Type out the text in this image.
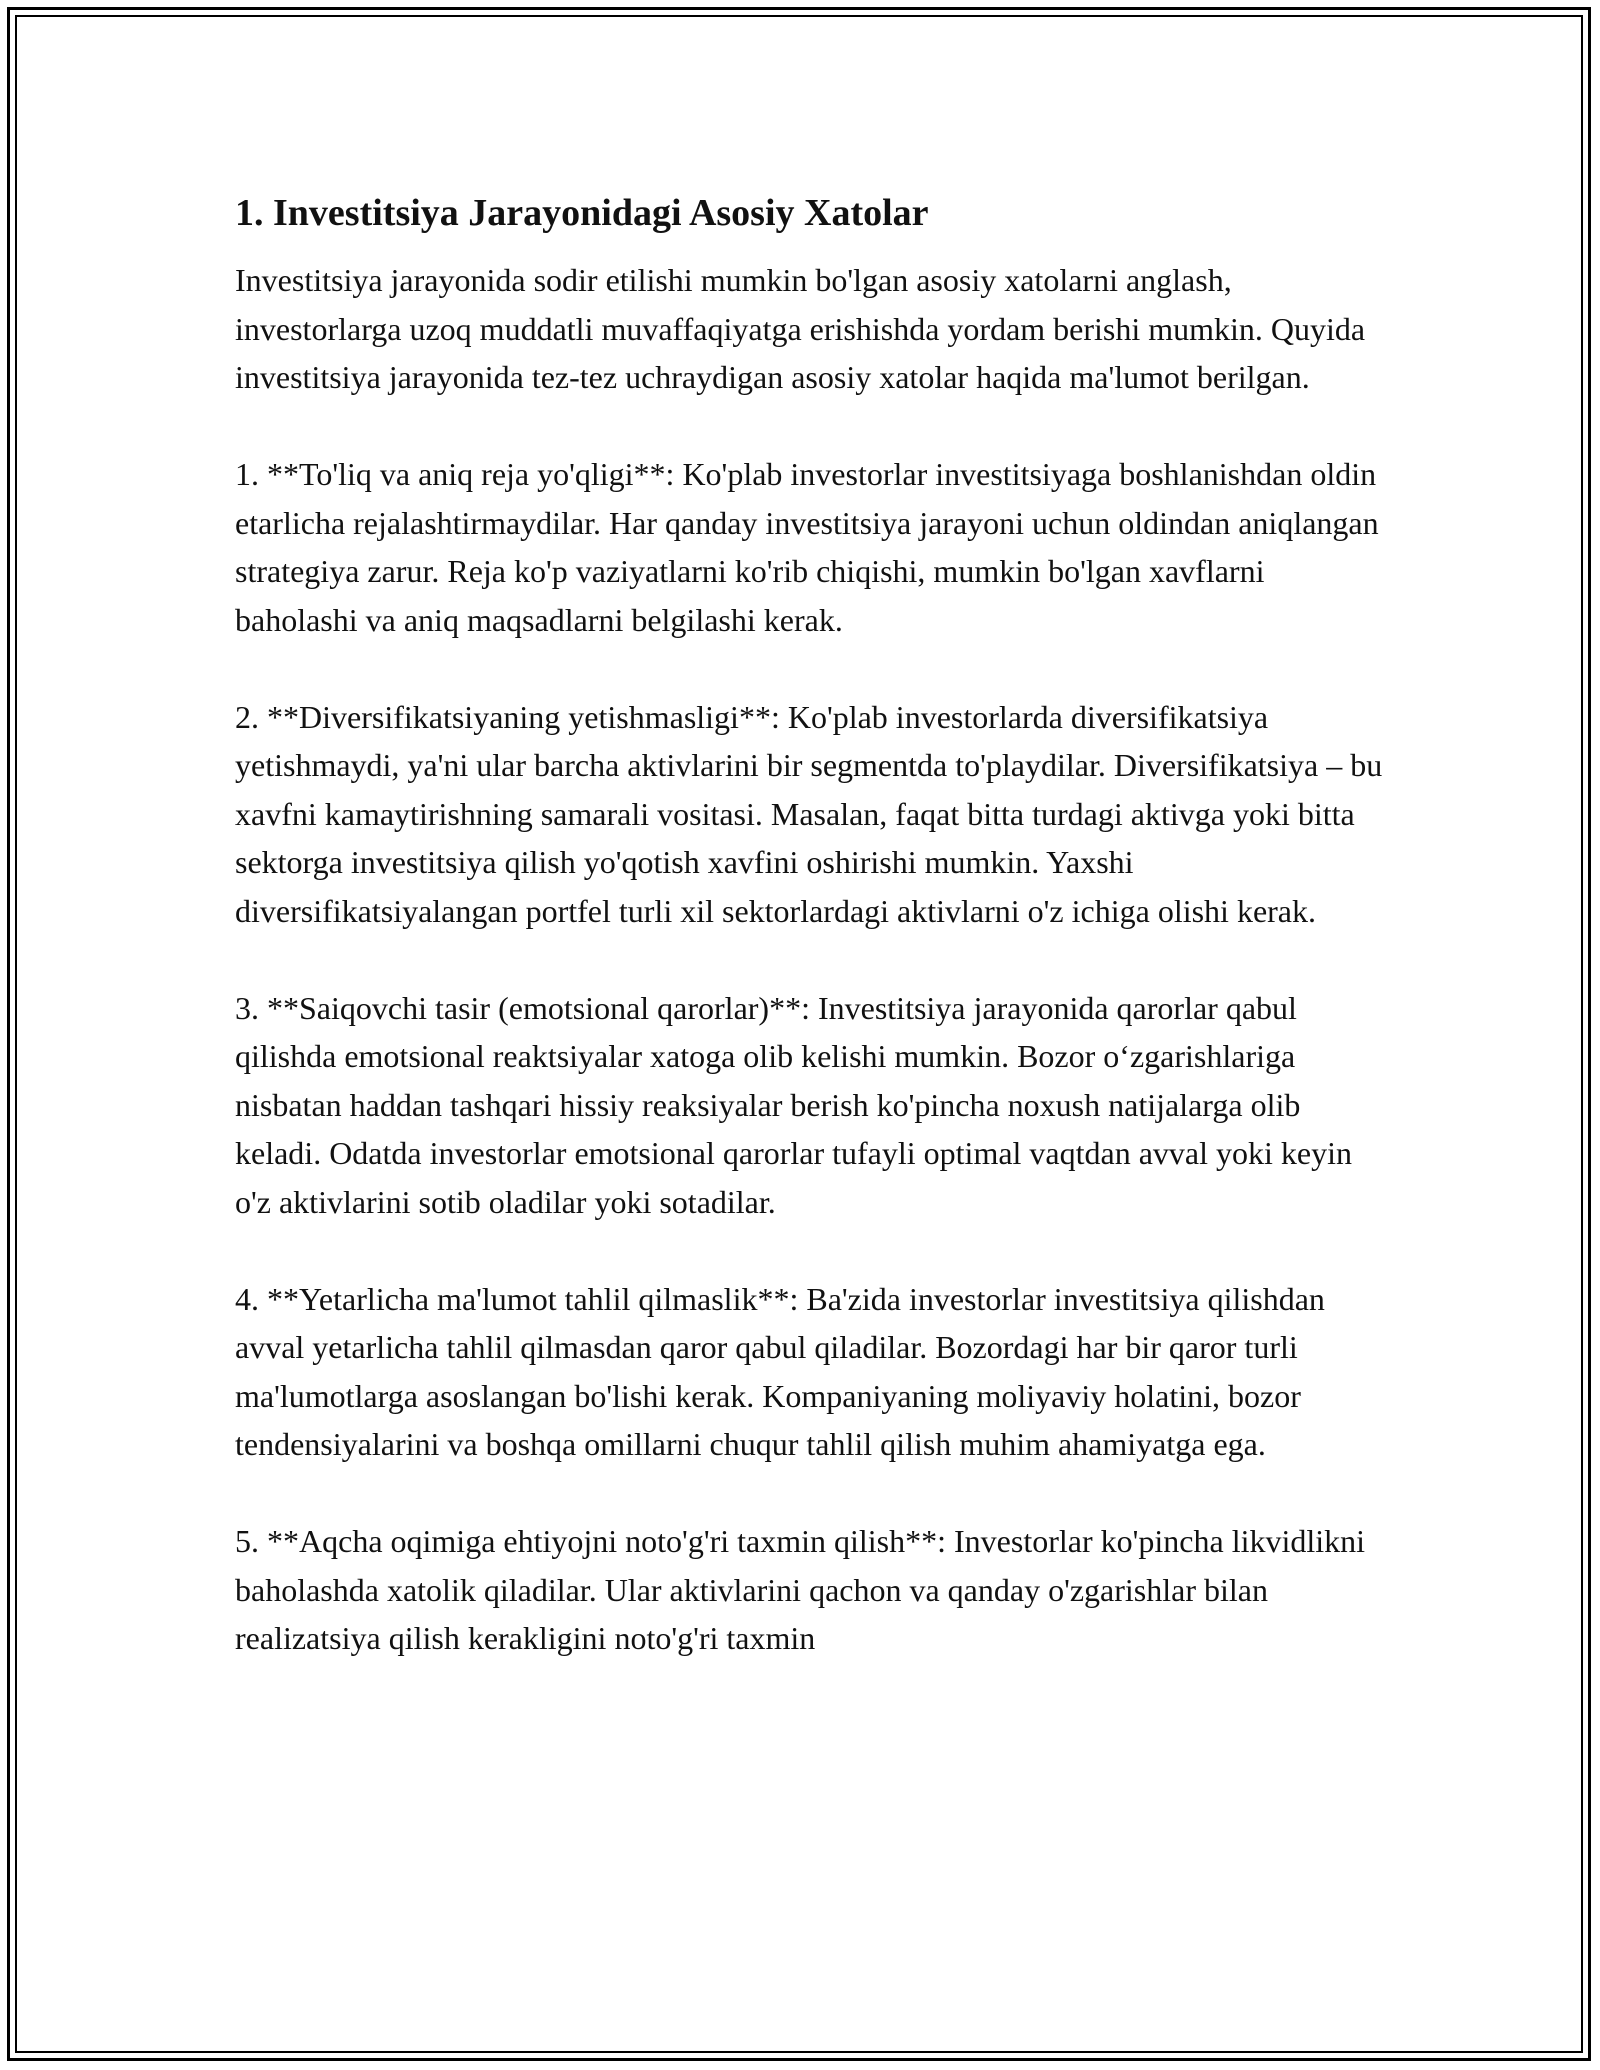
1. Investitsiya Jarayonidagi Asosiy Xatolar

Investitsiya jarayonida sodir etilishi mumkin bo'lgan asosiy xatolarni anglash, investorlarga uzoq muddatli muvaffaqiyatga erishishda yordam berishi mumkin. Quyida investitsiya jarayonida tez-tez uchraydigan asosiy xatolar haqida ma'lumot berilgan.

1. **To'liq va aniq reja yo'qligi**: Ko'plab investorlar investitsiyaga boshlanishdan oldin etarlicha rejalashtirmaydilar. Har qanday investitsiya jarayoni uchun oldindan aniqlangan strategiya zarur. Reja ko'p vaziyatlarni ko'rib chiqishi, mumkin bo'lgan xavflarni baholashi va aniq maqsadlarni belgilashi kerak.

2. **Diversifikatsiyaning yetishmasligi**: Ko'plab investorlarda diversifikatsiya yetishmaydi, ya'ni ular barcha aktivlarini bir segmentda to'playdilar. Diversifikatsiya – bu xavfni kamaytirishning samarali vositasi. Masalan, faqat bitta turdagi aktivga yoki bitta sektorga investitsiya qilish yo'qotish xavfini oshirishi mumkin. Yaxshi diversifikatsiyalangan portfel turli xil sektorlardagi aktivlarni o'z ichiga olishi kerak.

3. **Saiqovchi tasir (emotsional qarorlar)**: Investitsiya jarayonida qarorlar qabul qilishda emotsional reaktsiyalar xatoga olib kelishi mumkin. Bozor o‘zgarishlariga nisbatan haddan tashqari hissiy reaksiyalar berish ko'pincha noxush natijalarga olib keladi. Odatda investorlar emotsional qarorlar tufayli optimal vaqtdan avval yoki keyin o'z aktivlarini sotib oladilar yoki sotadilar.

4. **Yetarlicha ma'lumot tahlil qilmaslik**: Ba'zida investorlar investitsiya qilishdan avval yetarlicha tahlil qilmasdan qaror qabul qiladilar. Bozordagi har bir qaror turli ma'lumotlarga asoslangan bo'lishi kerak. Kompaniyaning moliyaviy holatini, bozor tendensiyalarini va boshqa omillarni chuqur tahlil qilish muhim ahamiyatga ega.

5. **Aqcha oqimiga ehtiyojni noto'g'ri taxmin qilish**: Investorlar ko'pincha likvidlikni baholashda xatolik qiladilar. Ular aktivlarini qachon va qanday o'zgarishlar bilan realizatsiya qilish kerakligini noto'g'ri taxmin
